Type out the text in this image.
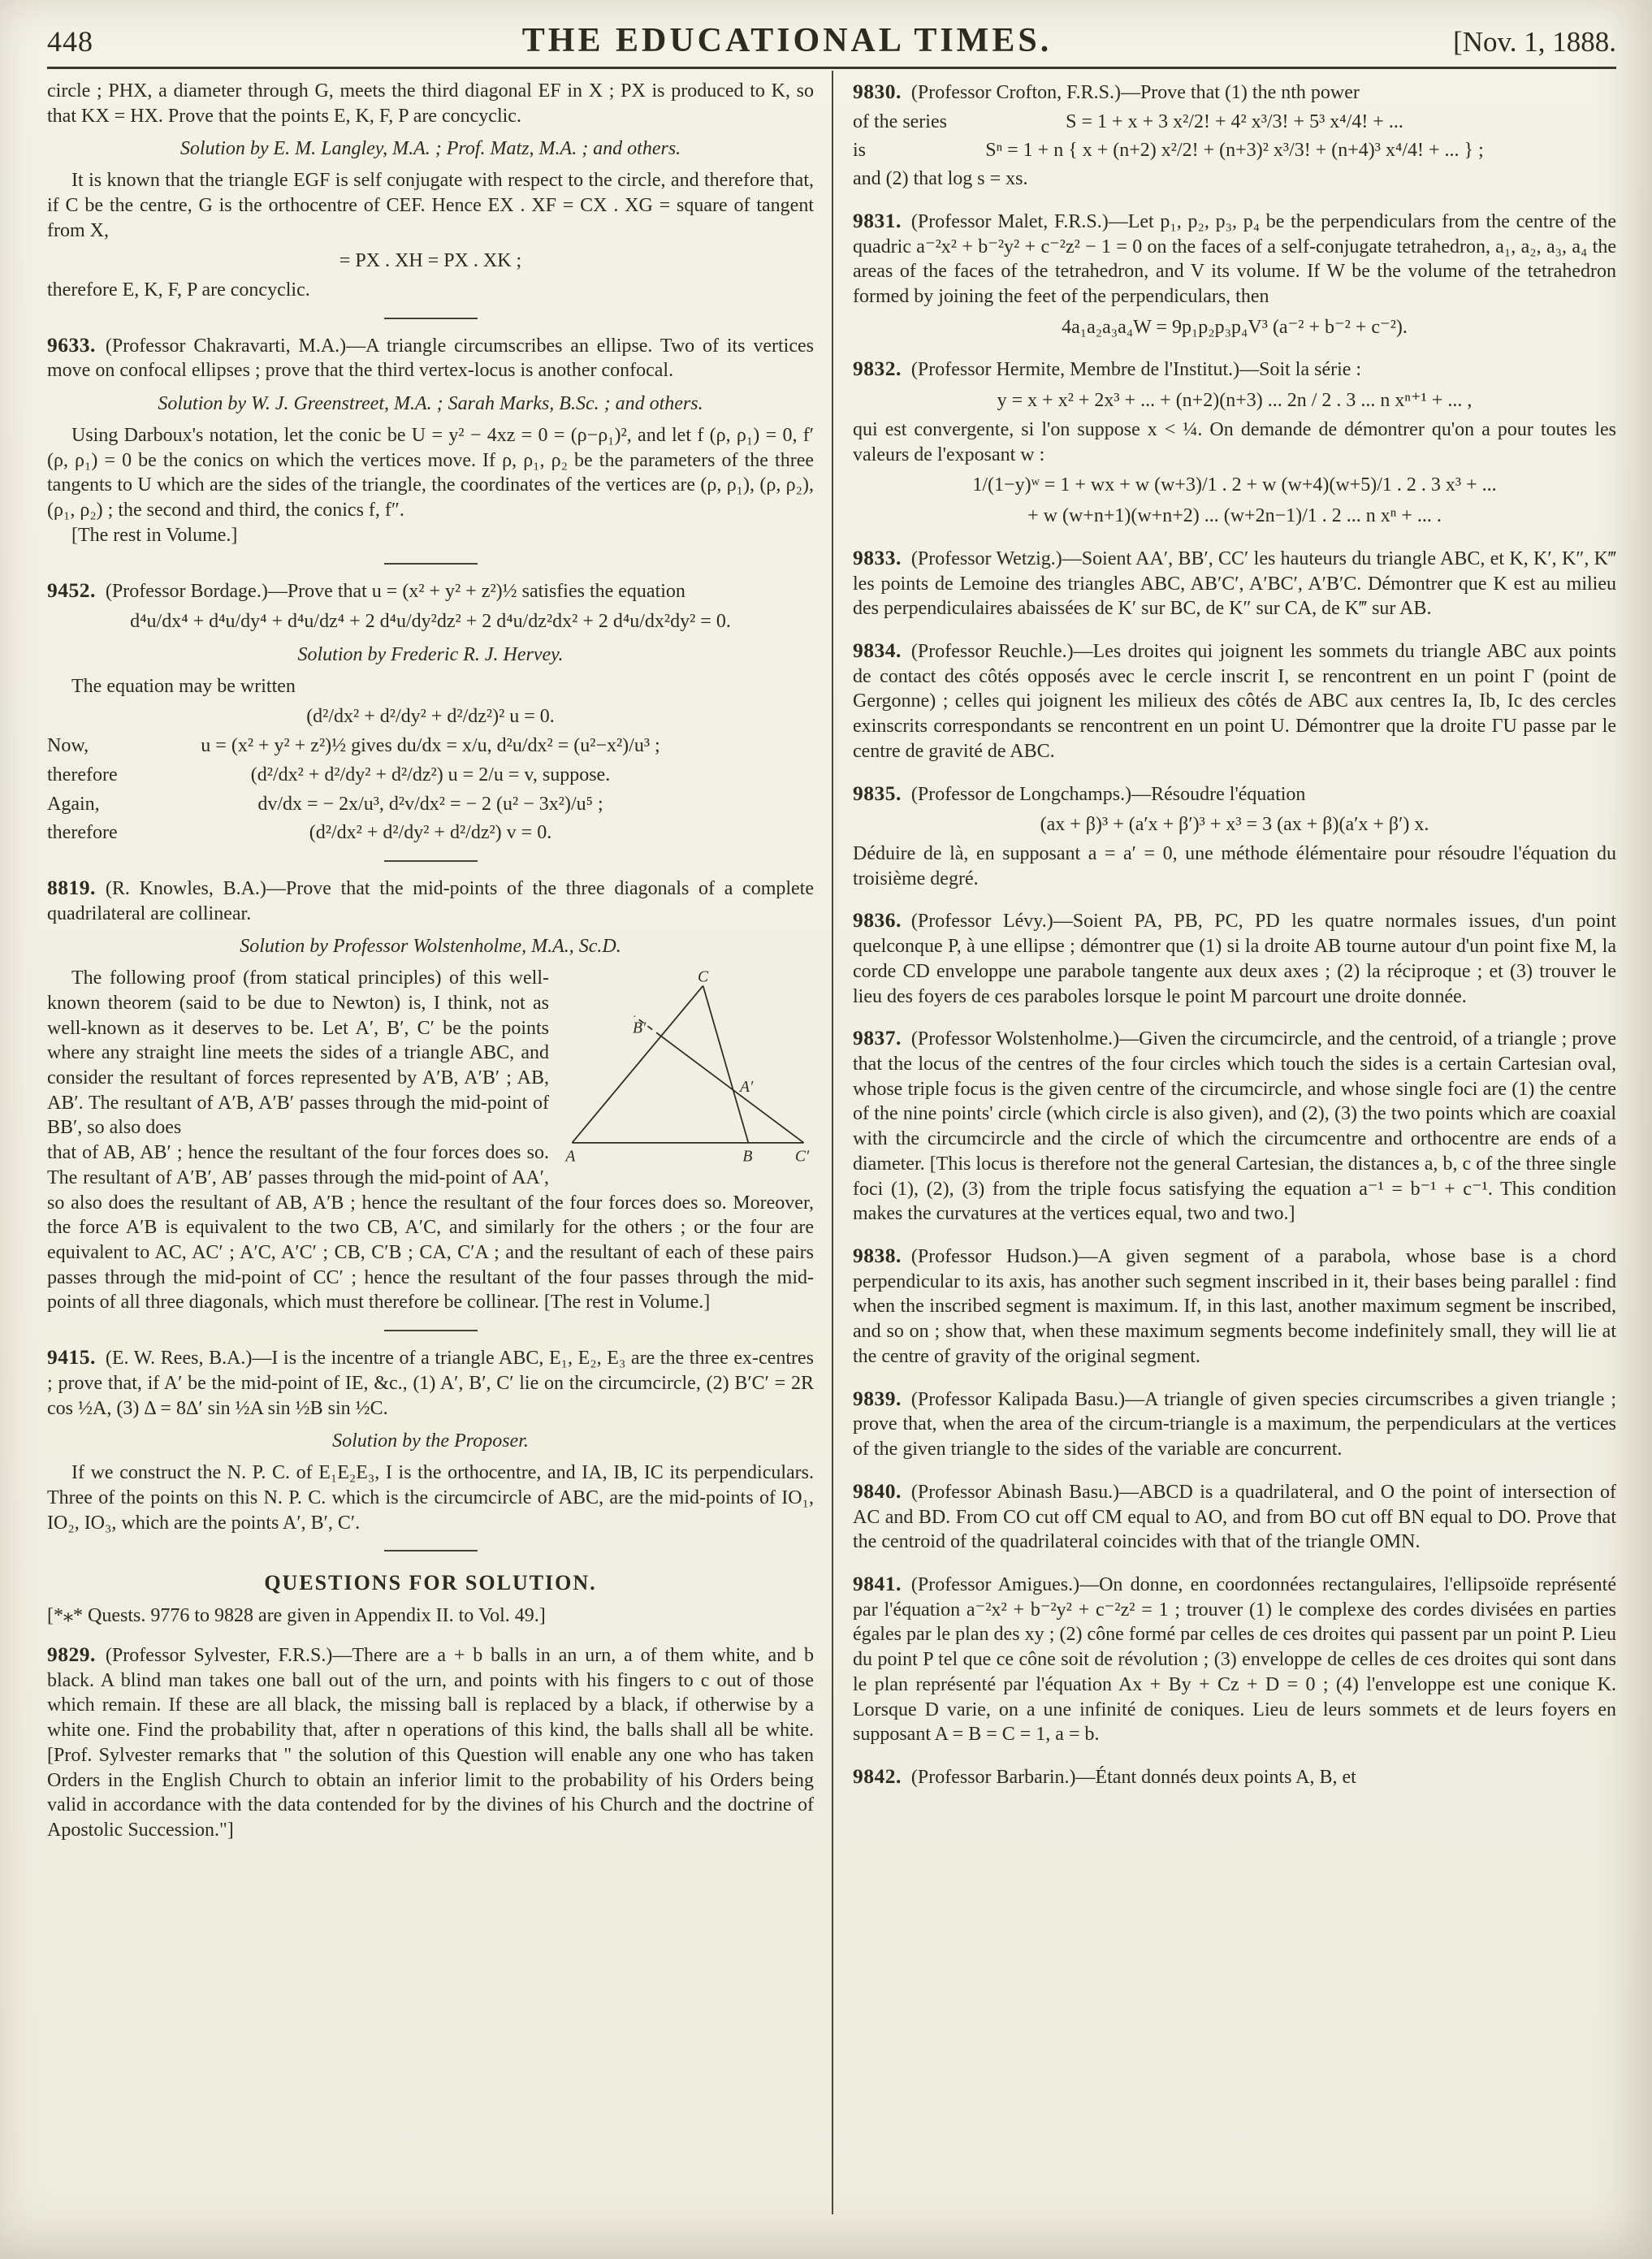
448	THE EDUCATIONAL TIMES.	[Nov. 1, 1888.

circle ; PHX, a diameter through G, meets the third diagonal EF in X ; PX is produced to K, so that KX = HX. Prove that the points E, K, F, P are concyclic.

Solution by E. M. Langley, M.A. ; Prof. Matz, M.A. ; and others.

It is known that the triangle EGF is self conjugate with respect to the circle, and therefore that, if C be the centre, G is the orthocentre of CEF. Hence EX . XF = CX . XG = square of tangent from X,

= PX . XH = PX . XK ;

therefore E, K, F, P are concyclic.

9633. (Professor Chakravarti, M.A.)—A triangle circumscribes an ellipse. Two of its vertices move on confocal ellipses ; prove that the third vertex-locus is another confocal.

Solution by W. J. Greenstreet, M.A. ; Sarah Marks, B.Sc. ; and others.

Using Darboux's notation, let the conic be U = y² − 4xz = 0 = (ρ−ρ₁)², and let f (ρ, ρ₁) = 0, f′ (ρ, ρ₁) = 0 be the conics on which the vertices move. If ρ, ρ₁, ρ₂ be the parameters of the three tangents to U which are the sides of the triangle, the coordinates of the vertices are (ρ, ρ₁), (ρ, ρ₂), (ρ₁, ρ₂) ; the second and third, the conics f, f″.

[The rest in Volume.]

9452. (Professor Bordage.)—Prove that u = (x² + y² + z²)½ satisfies the equation

d⁴u/dx⁴ + d⁴u/dy⁴ + d⁴u/dz⁴ + 2 d⁴u/dy²dz² + 2 d⁴u/dz²dx² + 2 d⁴u/dx²dy² = 0.

Solution by Frederic R. J. Hervey.

The equation may be written

(d²/dx² + d²/dy² + d²/dz²)² u = 0.

Now,	u = (x² + y² + z²)½ gives du/dx = x/u, d²u/dx² = (u²−x²)/u³ ;
therefore	(d²/dx² + d²/dy² + d²/dz²) u = 2/u = v, suppose.
Again,	dv/dx = − 2x/u³, d²v/dx² = − 2 (u² − 3x²)/u⁵ ;
therefore	(d²/dx² + d²/dy² + d²/dz²) v = 0.

8819. (R. Knowles, B.A.)—Prove that the mid-points of the three diagonals of a complete quadrilateral are collinear.

Solution by Professor Wolstenholme, M.A., Sc.D.

C
B′
A′
A	B	C′

The following proof (from statical principles) of this well-known theorem (said to be due to Newton) is, I think, not as well-known as it deserves to be. Let A′, B′, C′ be the points where any straight line meets the sides of a triangle ABC, and consider the resultant of forces represented by A′B, A′B′ ; AB, AB′. The resultant of A′B, A′B′ passes through the mid-point of BB′, so also does

that of AB, AB′ ; hence the resultant of the four forces does so. The resultant of A′B′, AB′ passes through the mid-point of AA′, so also does the resultant of AB, A′B ; hence the resultant of the four forces does so. Moreover, the force A′B is equivalent to the two CB, A′C, and similarly for the others ; or the four are equivalent to AC, AC′ ; A′C, A′C′ ; CB, C′B ; CA, C′A ; and the resultant of each of these pairs passes through the mid-point of CC′ ; hence the resultant of the four passes through the mid-points of all three diagonals, which must therefore be collinear. [The rest in Volume.]

9415. (E. W. Rees, B.A.)—I is the incentre of a triangle ABC, E₁, E₂, E₃ are the three ex-centres ; prove that, if A′ be the mid-point of IE, &c., (1) A′, B′, C′ lie on the circumcircle, (2) B′C′ = 2R cos ½A, (3) Δ = 8Δ′ sin ½A sin ½B sin ½C.

Solution by the Proposer.

If we construct the N. P. C. of E₁E₂E₃, I is the orthocentre, and IA, IB, IC its perpendiculars. Three of the points on this N. P. C. which is the circumcircle of ABC, are the mid-points of IO₁, IO₂, IO₃, which are the points A′, B′, C′.

QUESTIONS FOR SOLUTION.

[*⁎* Quests. 9776 to 9828 are given in Appendix II. to Vol. 49.]

9829. (Professor Sylvester, F.R.S.)—There are a + b balls in an urn, a of them white, and b black. A blind man takes one ball out of the urn, and points with his fingers to c out of those which remain. If these are all black, the missing ball is replaced by a black, if otherwise by a white one. Find the probability that, after n operations of this kind, the balls shall all be white. [Prof. Sylvester remarks that " the solution of this Question will enable any one who has taken Orders in the English Church to obtain an inferior limit to the probability of his Orders being valid in accordance with the data contended for by the divines of his Church and the doctrine of Apostolic Succession."]

9830. (Professor Crofton, F.R.S.)—Prove that (1) the nth power

of the series	S = 1 + x + 3 x²/2! + 4² x³/3! + 5³ x⁴/4! + ...
is	Sⁿ = 1 + n { x + (n+2) x²/2! + (n+3)² x³/3! + (n+4)³ x⁴/4! + ... } ;

and (2) that log s = xs.

9831. (Professor Malet, F.R.S.)—Let p₁, p₂, p₃, p₄ be the perpendiculars from the centre of the quadric a⁻²x² + b⁻²y² + c⁻²z² − 1 = 0 on the faces of a self-conjugate tetrahedron, a₁, a₂, a₃, a₄ the areas of the faces of the tetrahedron, and V its volume. If W be the volume of the tetrahedron formed by joining the feet of the perpendiculars, then

4a₁a₂a₃a₄W = 9p₁p₂p₃p₄V³ (a⁻² + b⁻² + c⁻²).

9832. (Professor Hermite, Membre de l'Institut.)—Soit la série :

y = x + x² + 2x³ + ... + (n+2)(n+3) ... 2n / 2 . 3 ... n xⁿ⁺¹ + ... ,

qui est convergente, si l'on suppose x < ¼. On demande de démontrer qu'on a pour toutes les valeurs de l'exposant w :

1/(1−y)ʷ = 1 + wx + w (w+3)/1 . 2 + w (w+4)(w+5)/1 . 2 . 3 x³ + ...

+ w (w+n+1)(w+n+2) ... (w+2n−1)/1 . 2 ... n xⁿ + ... .

9833. (Professor Wetzig.)—Soient AA′, BB′, CC′ les hauteurs du triangle ABC, et K, K′, K″, K‴ les points de Lemoine des triangles ABC, AB′C′, A′BC′, A′B′C. Démontrer que K est au milieu des perpendiculaires abaissées de K′ sur BC, de K″ sur CA, de K‴ sur AB.

9834. (Professor Reuchle.)—Les droites qui joignent les sommets du triangle ABC aux points de contact des côtés opposés avec le cercle inscrit I, se rencontrent en un point Γ (point de Gergonne) ; celles qui joignent les milieux des côtés de ABC aux centres Ia, Ib, Ic des cercles exinscrits correspondants se rencontrent en un point U. Démontrer que la droite ΓU passe par le centre de gravité de ABC.

9835. (Professor de Longchamps.)—Résoudre l'équation

(ax + β)³ + (a′x + β′)³ + x³ = 3 (ax + β)(a′x + β′) x.

Déduire de là, en supposant a = a′ = 0, une méthode élémentaire pour résoudre l'équation du troisième degré.

9836. (Professor Lévy.)—Soient PA, PB, PC, PD les quatre normales issues, d'un point quelconque P, à une ellipse ; démontrer que (1) si la droite AB tourne autour d'un point fixe M, la corde CD enveloppe une parabole tangente aux deux axes ; (2) la réciproque ; et (3) trouver le lieu des foyers de ces paraboles lorsque le point M parcourt une droite donnée.

9837. (Professor Wolstenholme.)—Given the circumcircle, and the centroid, of a triangle ; prove that the locus of the centres of the four circles which touch the sides is a certain Cartesian oval, whose triple focus is the given centre of the circumcircle, and whose single foci are (1) the centre of the nine points' circle (which circle is also given), and (2), (3) the two points which are coaxial with the circumcircle and the circle of which the circumcentre and orthocentre are ends of a diameter. [This locus is therefore not the general Cartesian, the distances a, b, c of the three single foci (1), (2), (3) from the triple focus satisfying the equation a⁻¹ = b⁻¹ + c⁻¹. This condition makes the curvatures at the vertices equal, two and two.]

9838. (Professor Hudson.)—A given segment of a parabola, whose base is a chord perpendicular to its axis, has another such segment inscribed in it, their bases being parallel : find when the inscribed segment is maximum. If, in this last, another maximum segment be inscribed, and so on ; show that, when these maximum segments become indefinitely small, they will lie at the centre of gravity of the original segment.

9839. (Professor Kalipada Basu.)—A triangle of given species circumscribes a given triangle ; prove that, when the area of the circum-triangle is a maximum, the perpendiculars at the vertices of the given triangle to the sides of the variable are concurrent.

9840. (Professor Abinash Basu.)—ABCD is a quadrilateral, and O the point of intersection of AC and BD. From CO cut off CM equal to AO, and from BO cut off BN equal to DO. Prove that the centroid of the quadrilateral coincides with that of the triangle OMN.

9841. (Professor Amigues.)—On donne, en coordonnées rectangulaires, l'ellipsoïde représenté par l'équation a⁻²x² + b⁻²y² + c⁻²z² = 1 ; trouver (1) le complexe des cordes divisées en parties égales par le plan des xy ; (2) cône formé par celles de ces droites qui passent par un point P. Lieu du point P tel que ce cône soit de révolution ; (3) enveloppe de celles de ces droites qui sont dans le plan représenté par l'équation Ax + By + Cz + D = 0 ; (4) l'enveloppe est une conique K. Lorsque D varie, on a une infinité de coniques. Lieu de leurs sommets et de leurs foyers en supposant A = B = C = 1, a = b.

9842. (Professor Barbarin.)—Étant donnés deux points A, B, et
